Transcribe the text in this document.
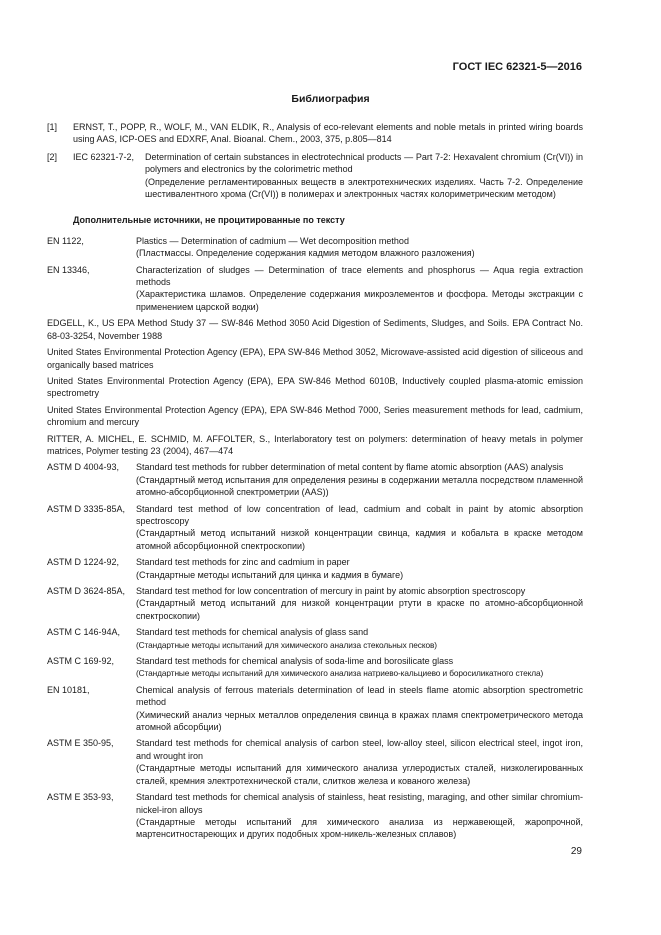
ГОСТ IEC 62321-5—2016
Библиография
[1]	ERNST, T., POPP, R., WOLF, M., VAN ELDIK, R., Analysis of eco-relevant elements and noble metals in printed wiring boards using AAS, ICP-OES and EDXRF, Anal. Bioanal. Chem., 2003, 375, p.805—814
[2]	IEC 62321-7-2,	Determination of certain substances in electrotechnical products — Part 7-2: Hexavalent chromium (Cr(VI)) in polymers and electronics by the colorimetric method
(Определение регламентированных веществ в электротехнических изделиях. Часть 7-2. Определение шестивалентного хрома (Cr(VI)) в полимерах и электронных частях колориметрическим методом)
Дополнительные источники, не процитированные по тексту
EN 1122,	Plastics — Determination of cadmium — Wet decomposition method
(Пластмассы. Определение содержания кадмия методом влажного разложения)
EN 13346,	Characterization of sludges — Determination of trace elements and phosphorus — Aqua regia extraction methods
(Характеристика шламов. Определение содержания микроэлементов и фосфора. Методы экстракции с применением царской водки)
EDGELL, K., US EPA Method Study 37 — SW-846 Method 3050 Acid Digestion of Sediments, Sludges, and Soils. EPA Contract No. 68-03-3254, November 1988
United States Environmental Protection Agency (EPA), EPA SW-846 Method 3052, Microwave-assisted acid digestion of siliceous and organically based matrices
United States Environmental Protection Agency (EPA), EPA SW-846 Method 6010B, Inductively coupled plasma-atomic emission spectrometry
United States Environmental Protection Agency (EPA), EPA SW-846 Method 7000, Series measurement methods for lead, cadmium, chromium and mercury
RITTER, A. MICHEL, E. SCHMID, M. AFFOLTER, S., Interlaboratory test on polymers: determination of heavy metals in polymer matrices, Polymer testing 23 (2004), 467—474
ASTM D 4004-93,	Standard test methods for rubber determination of metal content by flame atomic absorption (AAS) analysis
(Стандартный метод испытания для определения резины в содержании металла посредством пламенной атомно-абсорбционной спектрометрии (AAS))
ASTM D 3335-85A,	Standard test method of low concentration of lead, cadmium and cobalt in paint by atomic absorption spectroscopy
(Стандартный метод испытаний низкой концентрации свинца, кадмия и кобальта в краске методом атомной абсорбционной спектроскопии)
ASTM D 1224-92,	Standard test methods for zinc and cadmium in paper
(Стандартные методы испытаний для цинка и кадмия в бумаге)
ASTM D 3624-85A,	Standard test method for low concentration of mercury in paint by atomic absorption spectroscopy
(Стандартный метод испытаний для низкой концентрации ртути в краске по атомно-абсорбционной спектроскопии)
ASTM C 146-94A,	Standard test methods for chemical analysis of glass sand
(Стандартные методы испытаний для химического анализа стекольных песков)
ASTM C 169-92,	Standard test methods for chemical analysis of soda-lime and borosilicate glass
(Стандартные методы испытаний для химического анализа натриево-кальциево и боросиликатного стекла)
EN 10181,	Chemical analysis of ferrous materials determination of lead in steels flame atomic absorption spectrometric method
(Химический анализ черных металлов определения свинца в кражах пламя спектрометрического метода атомной абсорбции)
ASTM E 350-95,	Standard test methods for chemical analysis of carbon steel, low-alloy steel, silicon electrical steel, ingot iron, and wrought iron
(Стандартные методы испытаний для химического анализа углеродистых сталей, низколегированных сталей, кремния электротехнической стали, слитков железа и кованого железа)
ASTM E 353-93,	Standard test methods for chemical analysis of stainless, heat resisting, maraging, and other similar chromium-nickel-iron alloys
(Стандартные методы испытаний для химического анализа из нержавеющей, жаропрочной, мартенситностареющих и других подобных хром-никель-железных сплавов)
29
